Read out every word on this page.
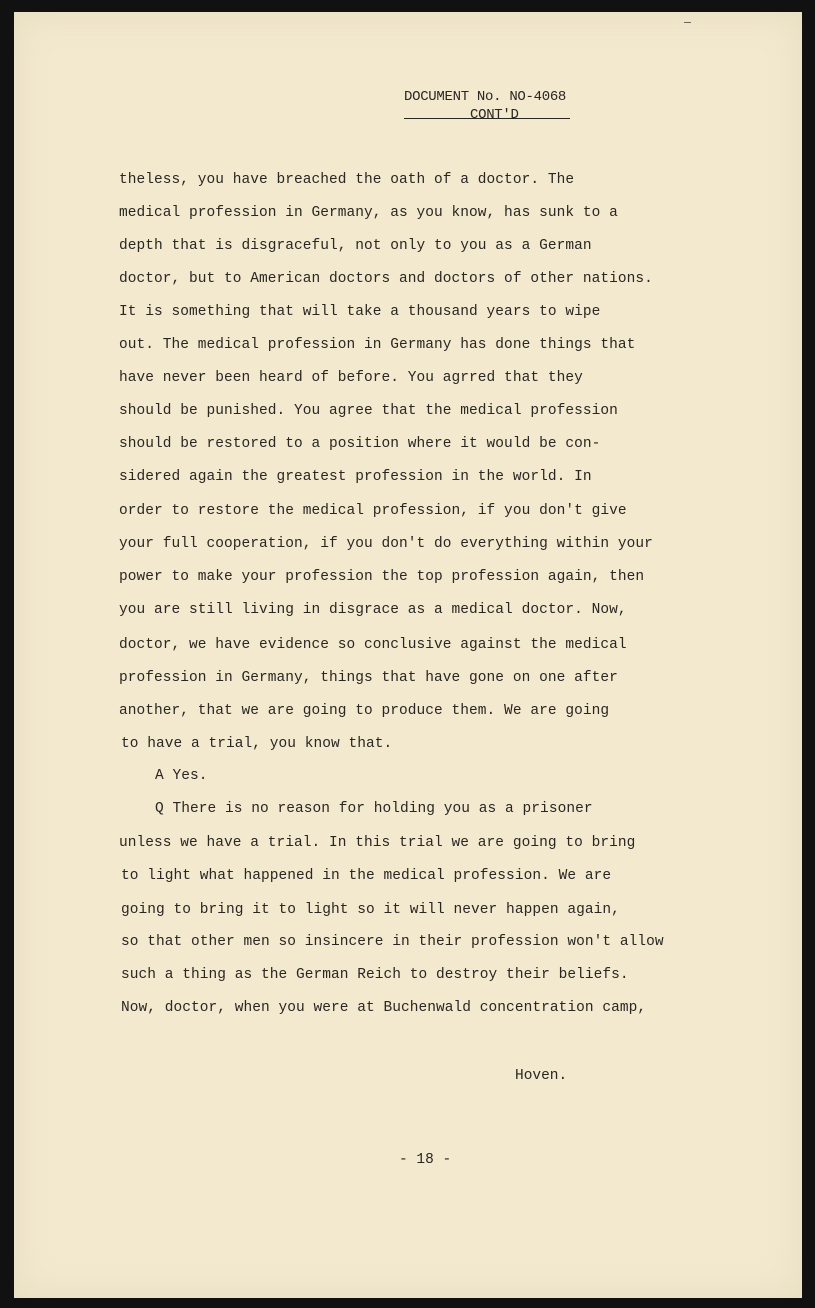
DOCUMENT No. NO-4068
CONT'D
theless, you have breached the oath of a doctor. The
medical profession in Germany, as you know, has sunk to a
depth that is disgraceful, not only to you as a German
doctor, but to American doctors and doctors of other nations.
It is something that will take a thousand years to wipe
out. The medical profession in Germany has done things that
have never been heard of before. You agrred that they
should be punished. You agree that the medical profession
should be restored to a position where it would be con-
sidered again the greatest profession in the world. In
order to restore the medical profession, if you don't give
your full cooperation, if you don't do everything within your
power to make your profession the top profession again, then
you are still living in disgrace as a medical doctor. Now,
doctor, we have evidence so conclusive against the medical
profession in Germany, things that have gone on one after
another, that we are going to produce them. We are going
to have a trial, you know that.
A Yes.
Q There is no reason for holding you as a prisoner
unless we have a trial. In this trial we are going to bring
to light what happened in the medical profession. We are
going to bring it to light so it will never happen again,
so that other men so insincere in their profession won't allow
such a thing as the German Reich to destroy their beliefs.
Now, doctor, when you were at Buchenwald concentration camp,
Hoven.
- 18 -
